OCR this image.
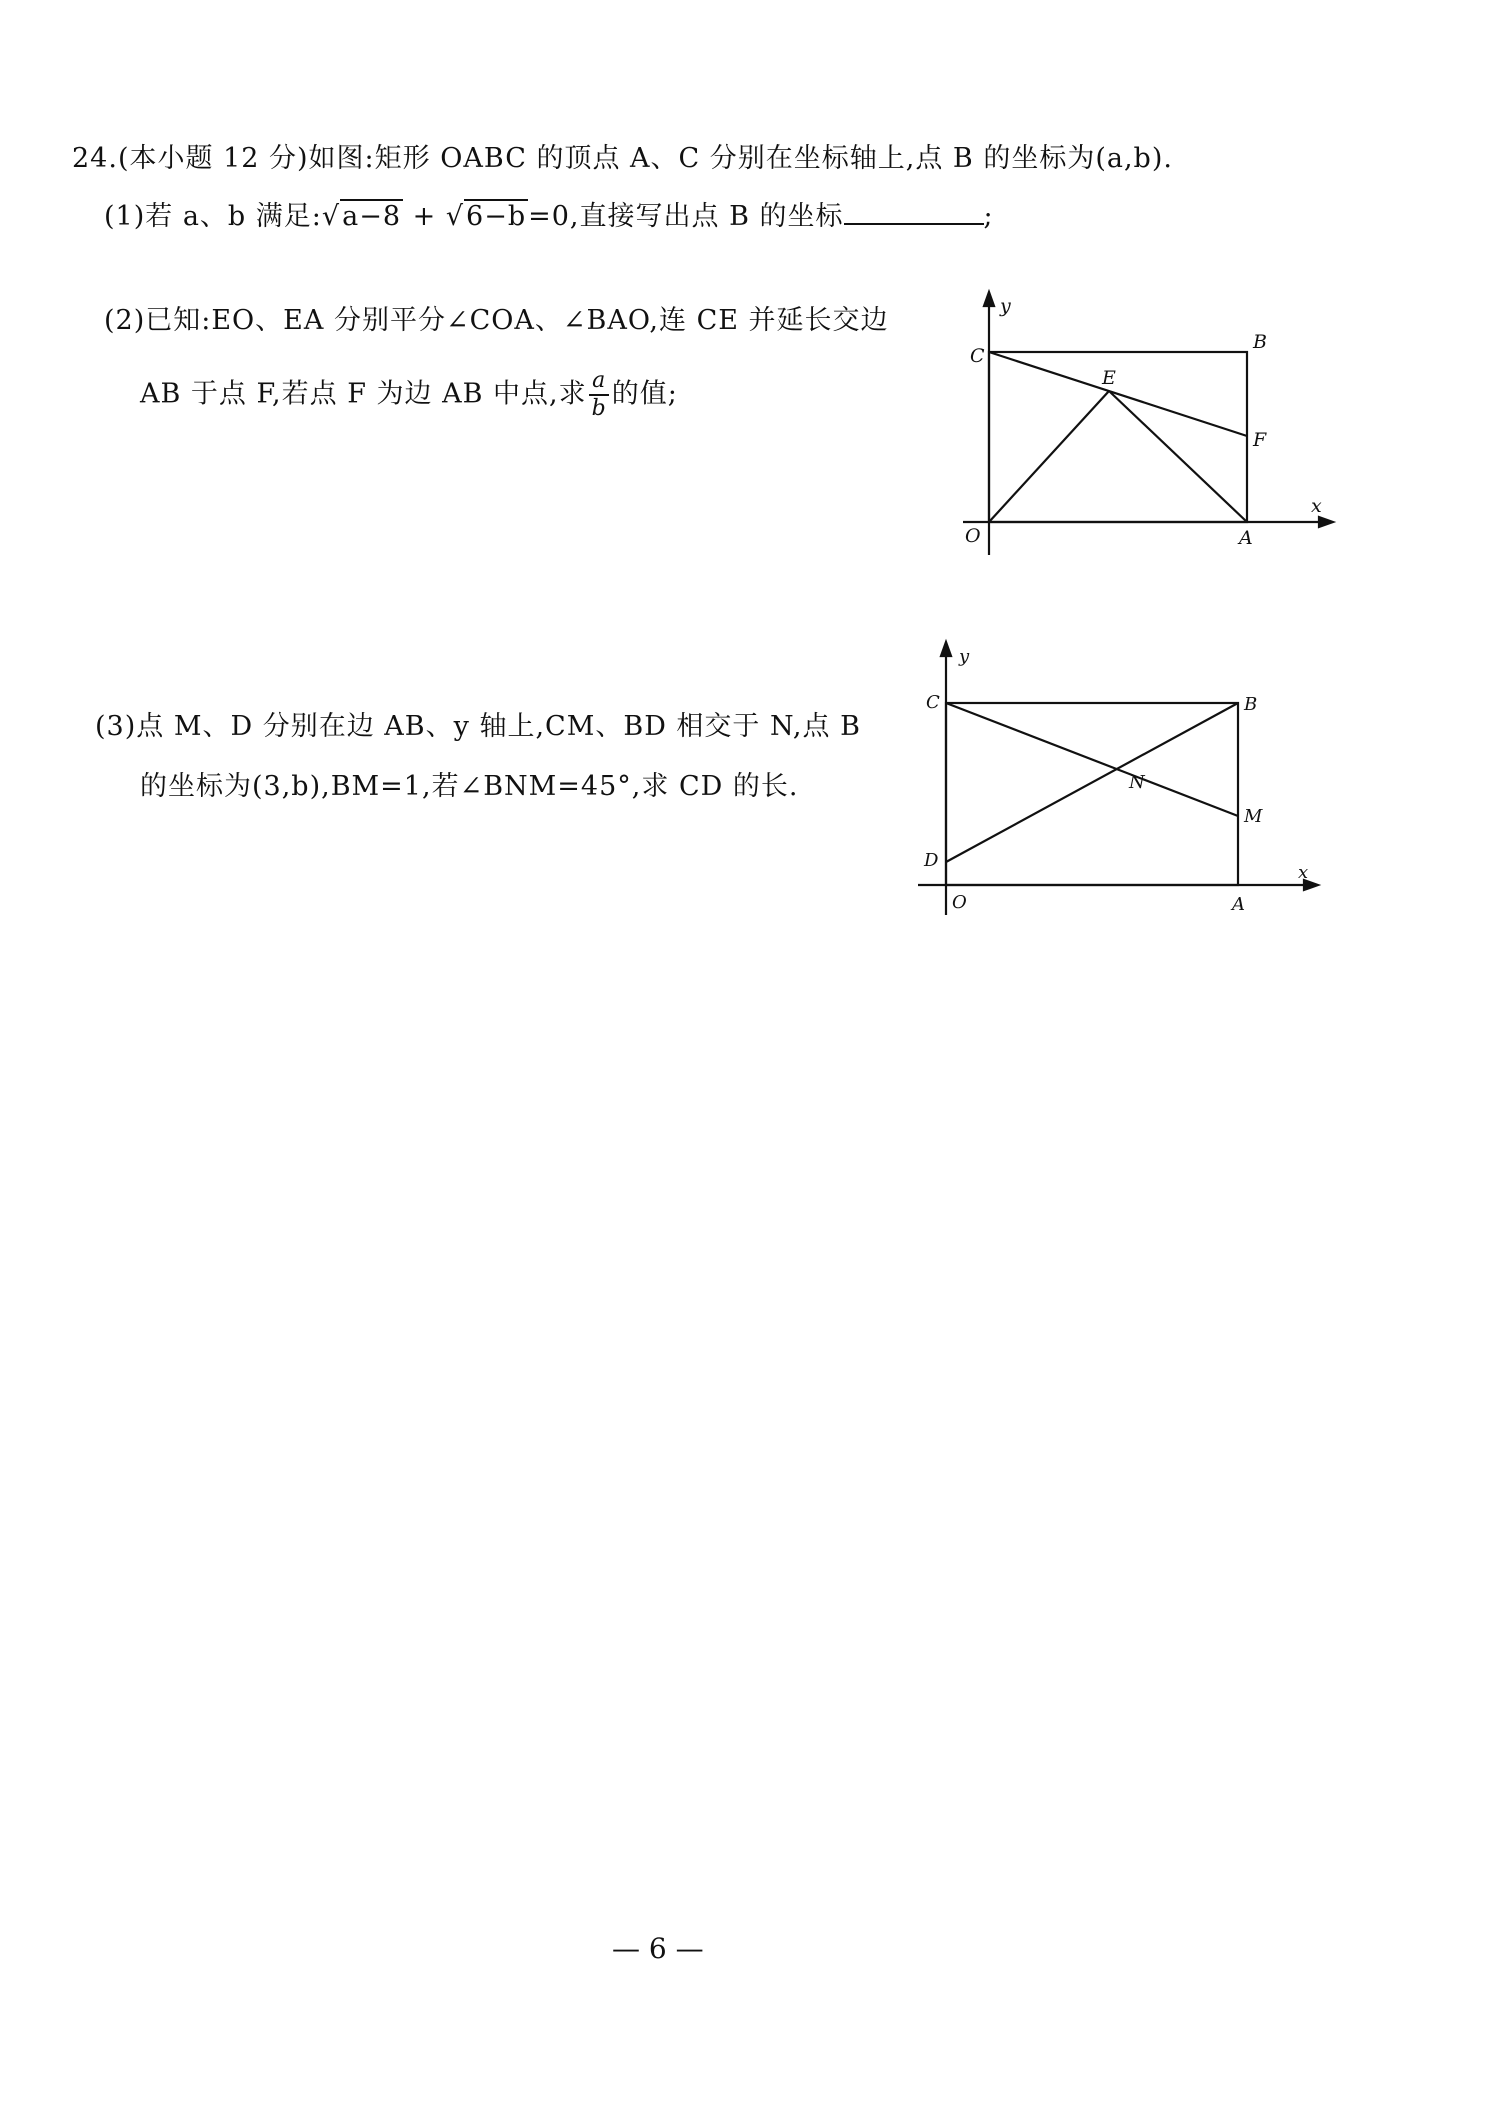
24.(本小题 12 分)如图:矩形 OABC 的顶点 A、C 分别在坐标轴上,点 B 的坐标为(a,b).
(1)若 a、b 满足:√a−8 + √6−b=0,直接写出点 B 的坐标	;
(2)已知:EO、EA 分别平分∠COA、∠BAO,连 CE 并延长交边
AB 于点 F,若点 F 为边 AB 中点,求 $\frac{a}{b}$ 的值;
y
x
C
B
E
F
O	A
(3)点 M、D 分别在边 AB、y 轴上,CM、BD 相交于 N,点 B
的坐标为(3,b),BM=1,若∠BNM=45°,求 CD 的长.
y
x
C	B
N
M
D
O	A
— 6 —
